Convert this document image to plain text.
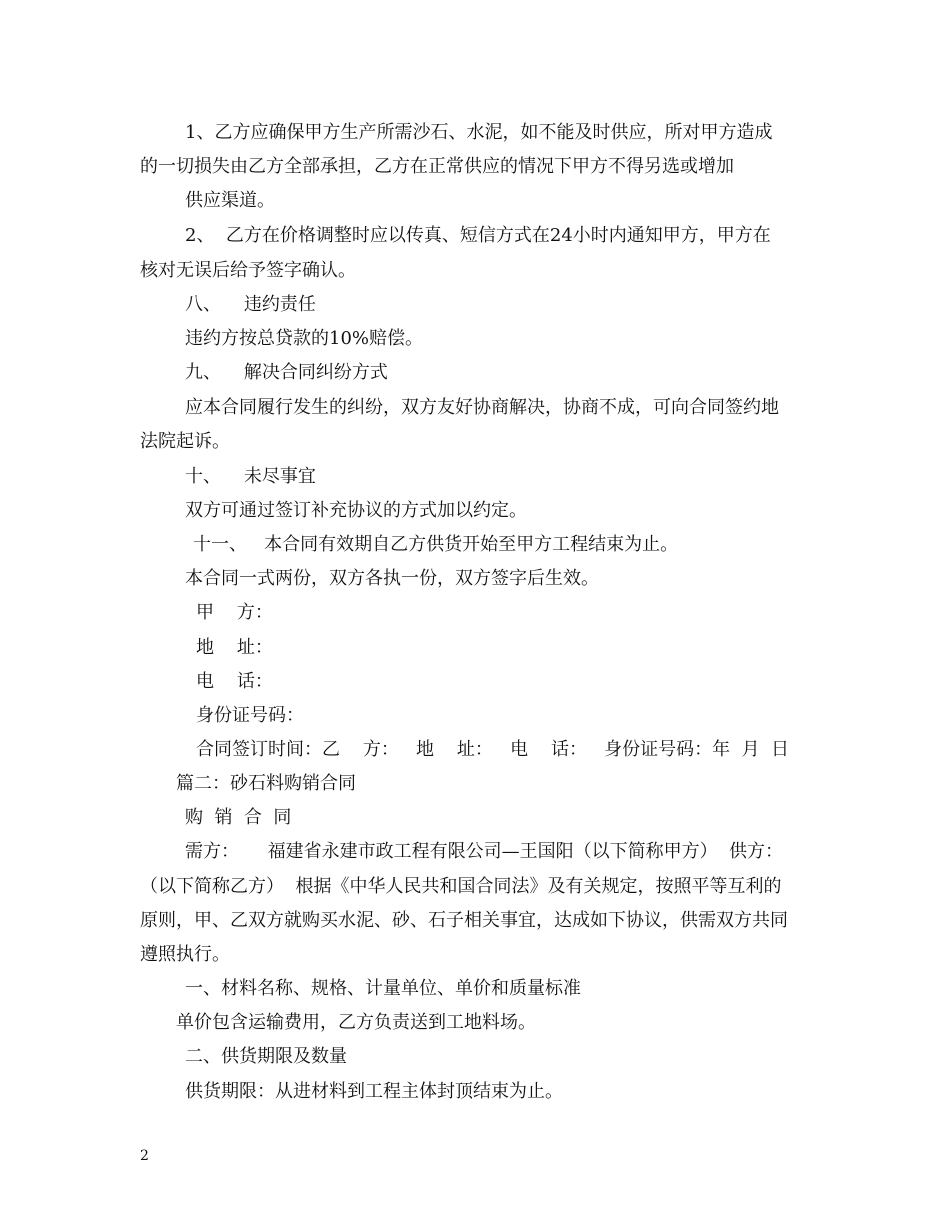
1、乙方应确保甲方生产所需沙石、水泥，如不能及时供应，所对甲方造成
的一切损失由乙方全部承担，乙方在正常供应的情况下甲方不得另选或增加
供应渠道。
2、  乙方在价格调整时应以传真、短信方式在24小时内通知甲方，甲方在
核对无误后给予签字确认。
八、    违约责任
违约方按总贷款的10%赔偿。
九、    解决合同纠纷方式
应本合同履行发生的纠纷，双方友好协商解决，协商不成，可向合同签约地
法院起诉。
十、    未尽事宜
双方可通过签订补充协议的方式加以约定。
十一、   本合同有效期自乙方供货开始至甲方工程结束为止。
本合同一式两份，双方各执一份，双方签字后生效。
甲    方：
地    址：
电    话：
身份证号码：
合同签订时间：乙    方：   地    址：   电    话：   身份证号码：年  月  日
篇二：砂石料购销合同
购  销  合  同
需方：     福建省永建市政工程有限公司—王国阳（以下简称甲方）  供方：
（以下简称乙方）  根据《中华人民共和国合同法》及有关规定，按照平等互利的
原则，甲、乙双方就购买水泥、砂、石子相关事宜，达成如下协议，供需双方共同
遵照执行。
一、材料名称、规格、计量单位、单价和质量标准
单价包含运输费用，乙方负责送到工地料场。
二、供货期限及数量
供货期限：从进材料到工程主体封顶结束为止。
2
